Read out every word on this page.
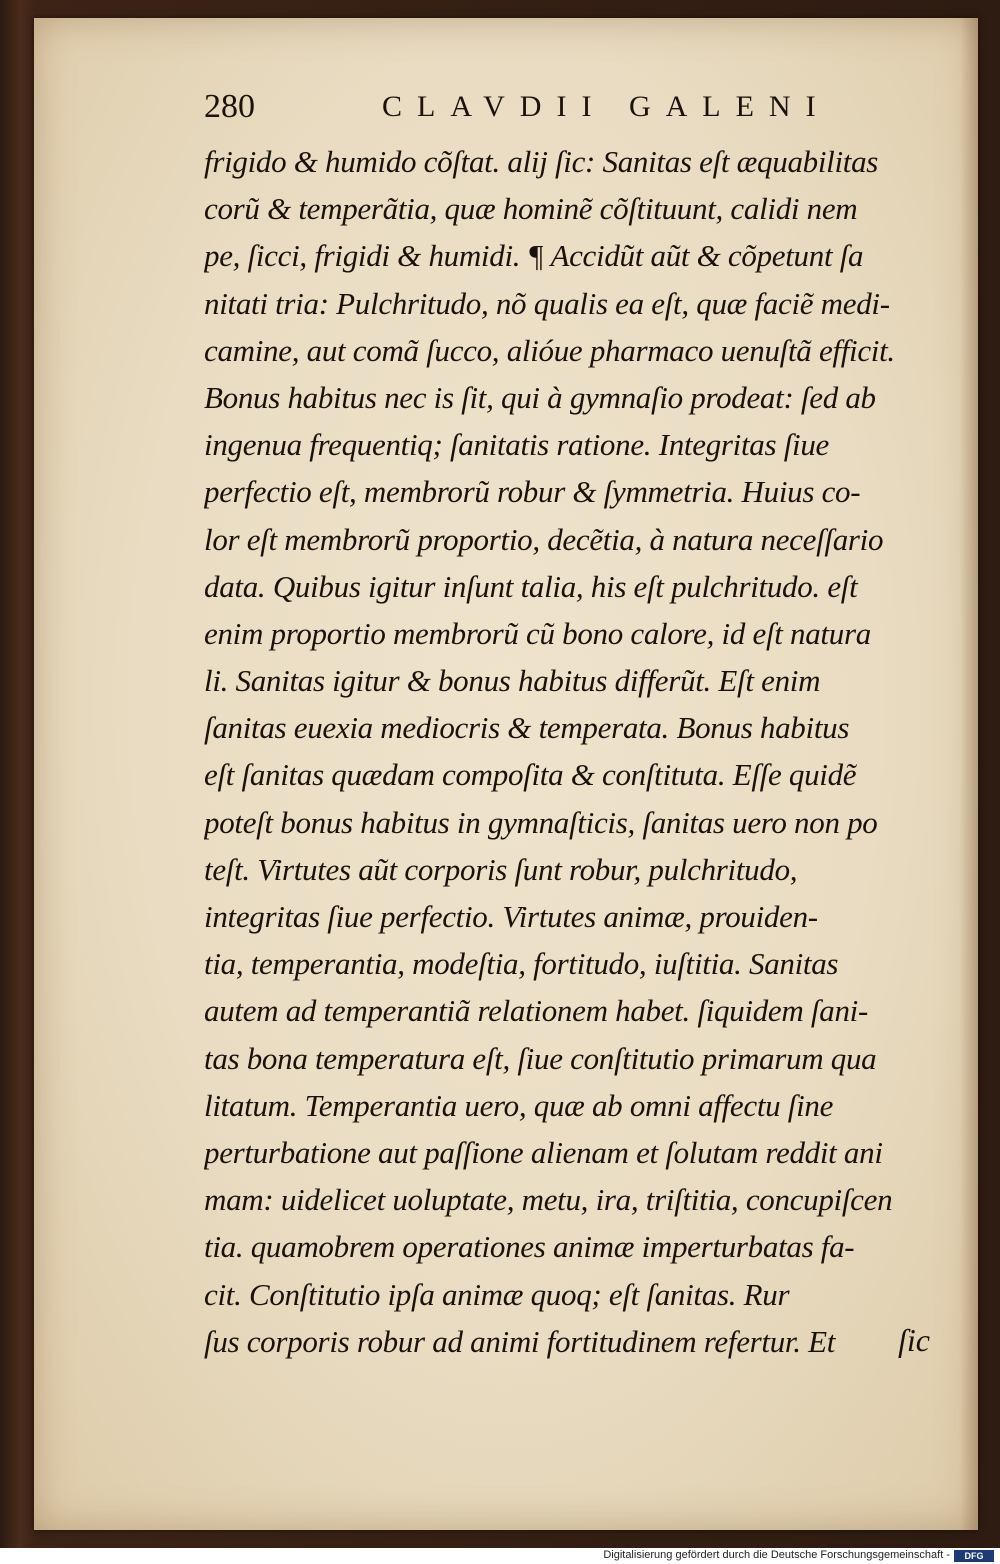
280	CLAVDII GALENI
frigido & humido cõſtat. alij ſic: Sanitas eſt æquabilitas
corũ & temperãtia, quæ hominẽ cõſtituunt, calidi nem
pe, ſicci, frigidi & humidi. ¶ Accidũt aũt & cõpetunt ſa
nitati tria: Pulchritudo, nõ qualis ea eſt, quæ faciẽ medi-
camine, aut comã ſucco, alióue pharmaco uenuſtã efficit.
Bonus habitus nec is ſit, qui à gymnaſio prodeat: ſed ab
ingenua frequentiq; ſanitatis ratione. Integritas ſiue
perfectio eſt, membrorũ robur & ſymmetria. Huius co-
lor eſt membrorũ proportio, decẽtia, à natura neceſſario
data. Quibus igitur inſunt talia, his eſt pulchritudo. eſt
enim proportio membrorũ cũ bono calore, id eſt natura
li. Sanitas igitur & bonus habitus differũt. Eſt enim
ſanitas euexia mediocris & temperata. Bonus habitus
eſt ſanitas quædam compoſita & conſtituta. Eſſe quidẽ
poteſt bonus habitus in gymnaſticis, ſanitas uero non po
teſt. Virtutes aũt corporis ſunt robur, pulchritudo,
integritas ſiue perfectio. Virtutes animæ, prouiden-
tia, temperantia, modeſtia, fortitudo, iuſtitia. Sanitas
autem ad temperantiã relationem habet. ſiquidem ſani-
tas bona temperatura eſt, ſiue conſtitutio primarum qua
litatum. Temperantia uero, quæ ab omni affectu ſine
perturbatione aut paſſione alienam et ſolutam reddit ani
mam: uidelicet uoluptate, metu, ira, triſtitia, concupiſcen
tia. quamobrem operationes animæ imperturbatas fa-
cit. Conſtitutio ipſa animæ quoq; eſt ſanitas. Rur
ſus corporis robur ad animi fortitudinem refertur. Et	ſic
Digitalisierung gefördert durch die Deutsche Forschungsgemeinschaft -	DFG
